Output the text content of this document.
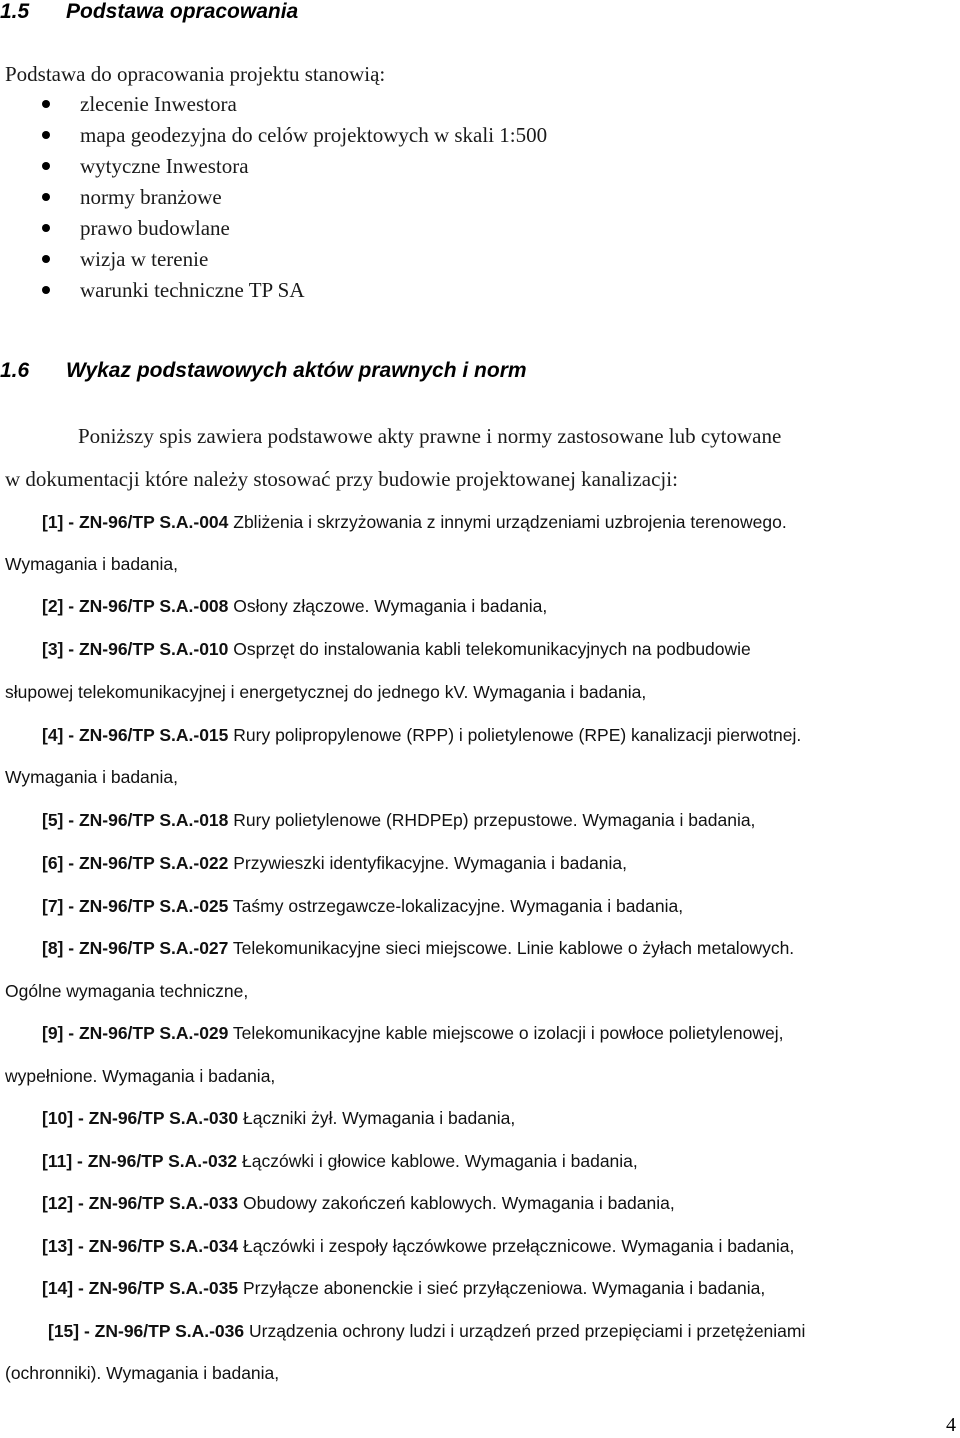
1.5 Podstawa opracowania

Podstawa do opracowania projektu stanowią:

zlecenie Inwestora
mapa geodezyjna do celów projektowych w skali 1:500
wytyczne Inwestora
normy branżowe
prawo budowlane
wizja w terenie
warunki techniczne TP SA
1.6 Wykaz podstawowych aktów prawnych i norm

Poniższy spis zawiera podstawowe akty prawne i normy zastosowane lub cytowane

w dokumentacji które należy stosować przy budowie projektowanej kanalizacji:

[1] - ZN-96/TP S.A.-004 Zbliżenia i skrzyżowania z innymi urządzeniami uzbrojenia terenowego.

Wymagania i badania,

[2] - ZN-96/TP S.A.-008 Osłony złączowe. Wymagania i badania,

[3] - ZN-96/TP S.A.-010 Osprzęt do instalowania kabli telekomunikacyjnych na podbudowie

słupowej telekomunikacyjnej i energetycznej do jednego kV. Wymagania i badania,

[4] - ZN-96/TP S.A.-015 Rury polipropylenowe (RPP) i polietylenowe (RPE) kanalizacji pierwotnej.

Wymagania i badania,

[5] - ZN-96/TP S.A.-018 Rury polietylenowe (RHDPEp) przepustowe. Wymagania i badania,

[6] - ZN-96/TP S.A.-022 Przywieszki identyfikacyjne. Wymagania i badania,

[7] - ZN-96/TP S.A.-025 Taśmy ostrzegawcze-lokalizacyjne. Wymagania i badania,

[8] - ZN-96/TP S.A.-027 Telekomunikacyjne sieci miejscowe. Linie kablowe o żyłach metalowych.

Ogólne wymagania techniczne,

[9] - ZN-96/TP S.A.-029 Telekomunikacyjne kable miejscowe o izolacji i powłoce polietylenowej,

wypełnione. Wymagania i badania,

[10] - ZN-96/TP S.A.-030 Łączniki żył. Wymagania i badania,

[11] - ZN-96/TP S.A.-032 Łączówki i głowice kablowe. Wymagania i badania,

[12] - ZN-96/TP S.A.-033 Obudowy zakończeń kablowych. Wymagania i badania,

[13] - ZN-96/TP S.A.-034 Łączówki i zespoły łączówkowe przełącznicowe. Wymagania i badania,

[14] - ZN-96/TP S.A.-035 Przyłącze abonenckie i sieć przyłączeniowa. Wymagania i badania,

[15] - ZN-96/TP S.A.-036 Urządzenia ochrony ludzi i urządzeń przed przepięciami i przetężeniami

(ochronniki). Wymagania i badania,

4
